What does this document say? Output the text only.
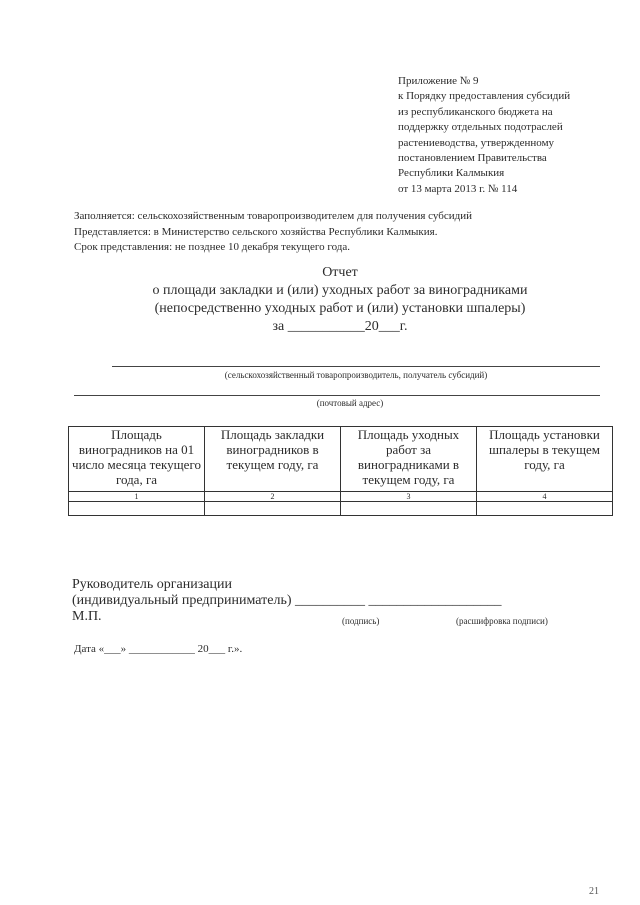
Приложение № 9
к Порядку предоставления субсидий
из республиканского бюджета на
поддержку отдельных подотраслей
растениеводства, утвержденному
постановлением Правительства
Республики Калмыкия
от 13 марта 2013 г. № 114
Заполняется: сельскохозяйственным товаропроизводителем для получения субсидий
Представляется: в Министерство сельского хозяйства Республики Калмыкия.
Срок представления: не позднее 10 декабря текущего года.
Отчет
о площади закладки и (или) уходных работ за виноградниками
(непосредственно уходных работ и (или) установки шпалеры)
за ___________20___г.
(сельскохозяйственный товаропроизводитель, получатель субсидий)
(почтовый адрес)
Площадь виноградников на 01 число месяца текущего года, га	Площадь закладки виноградников в текущем году, га	Площадь уходных работ за виноградниками в текущем году, га	Площадь установки шпалеры в текущем году, га
1	2	3	4

Руководитель организации
(индивидуальный предприниматель) __________ ___________________
М.П.	(подпись)	(расшифровка подписи)
Дата «___» ____________ 20___ г.».
21
